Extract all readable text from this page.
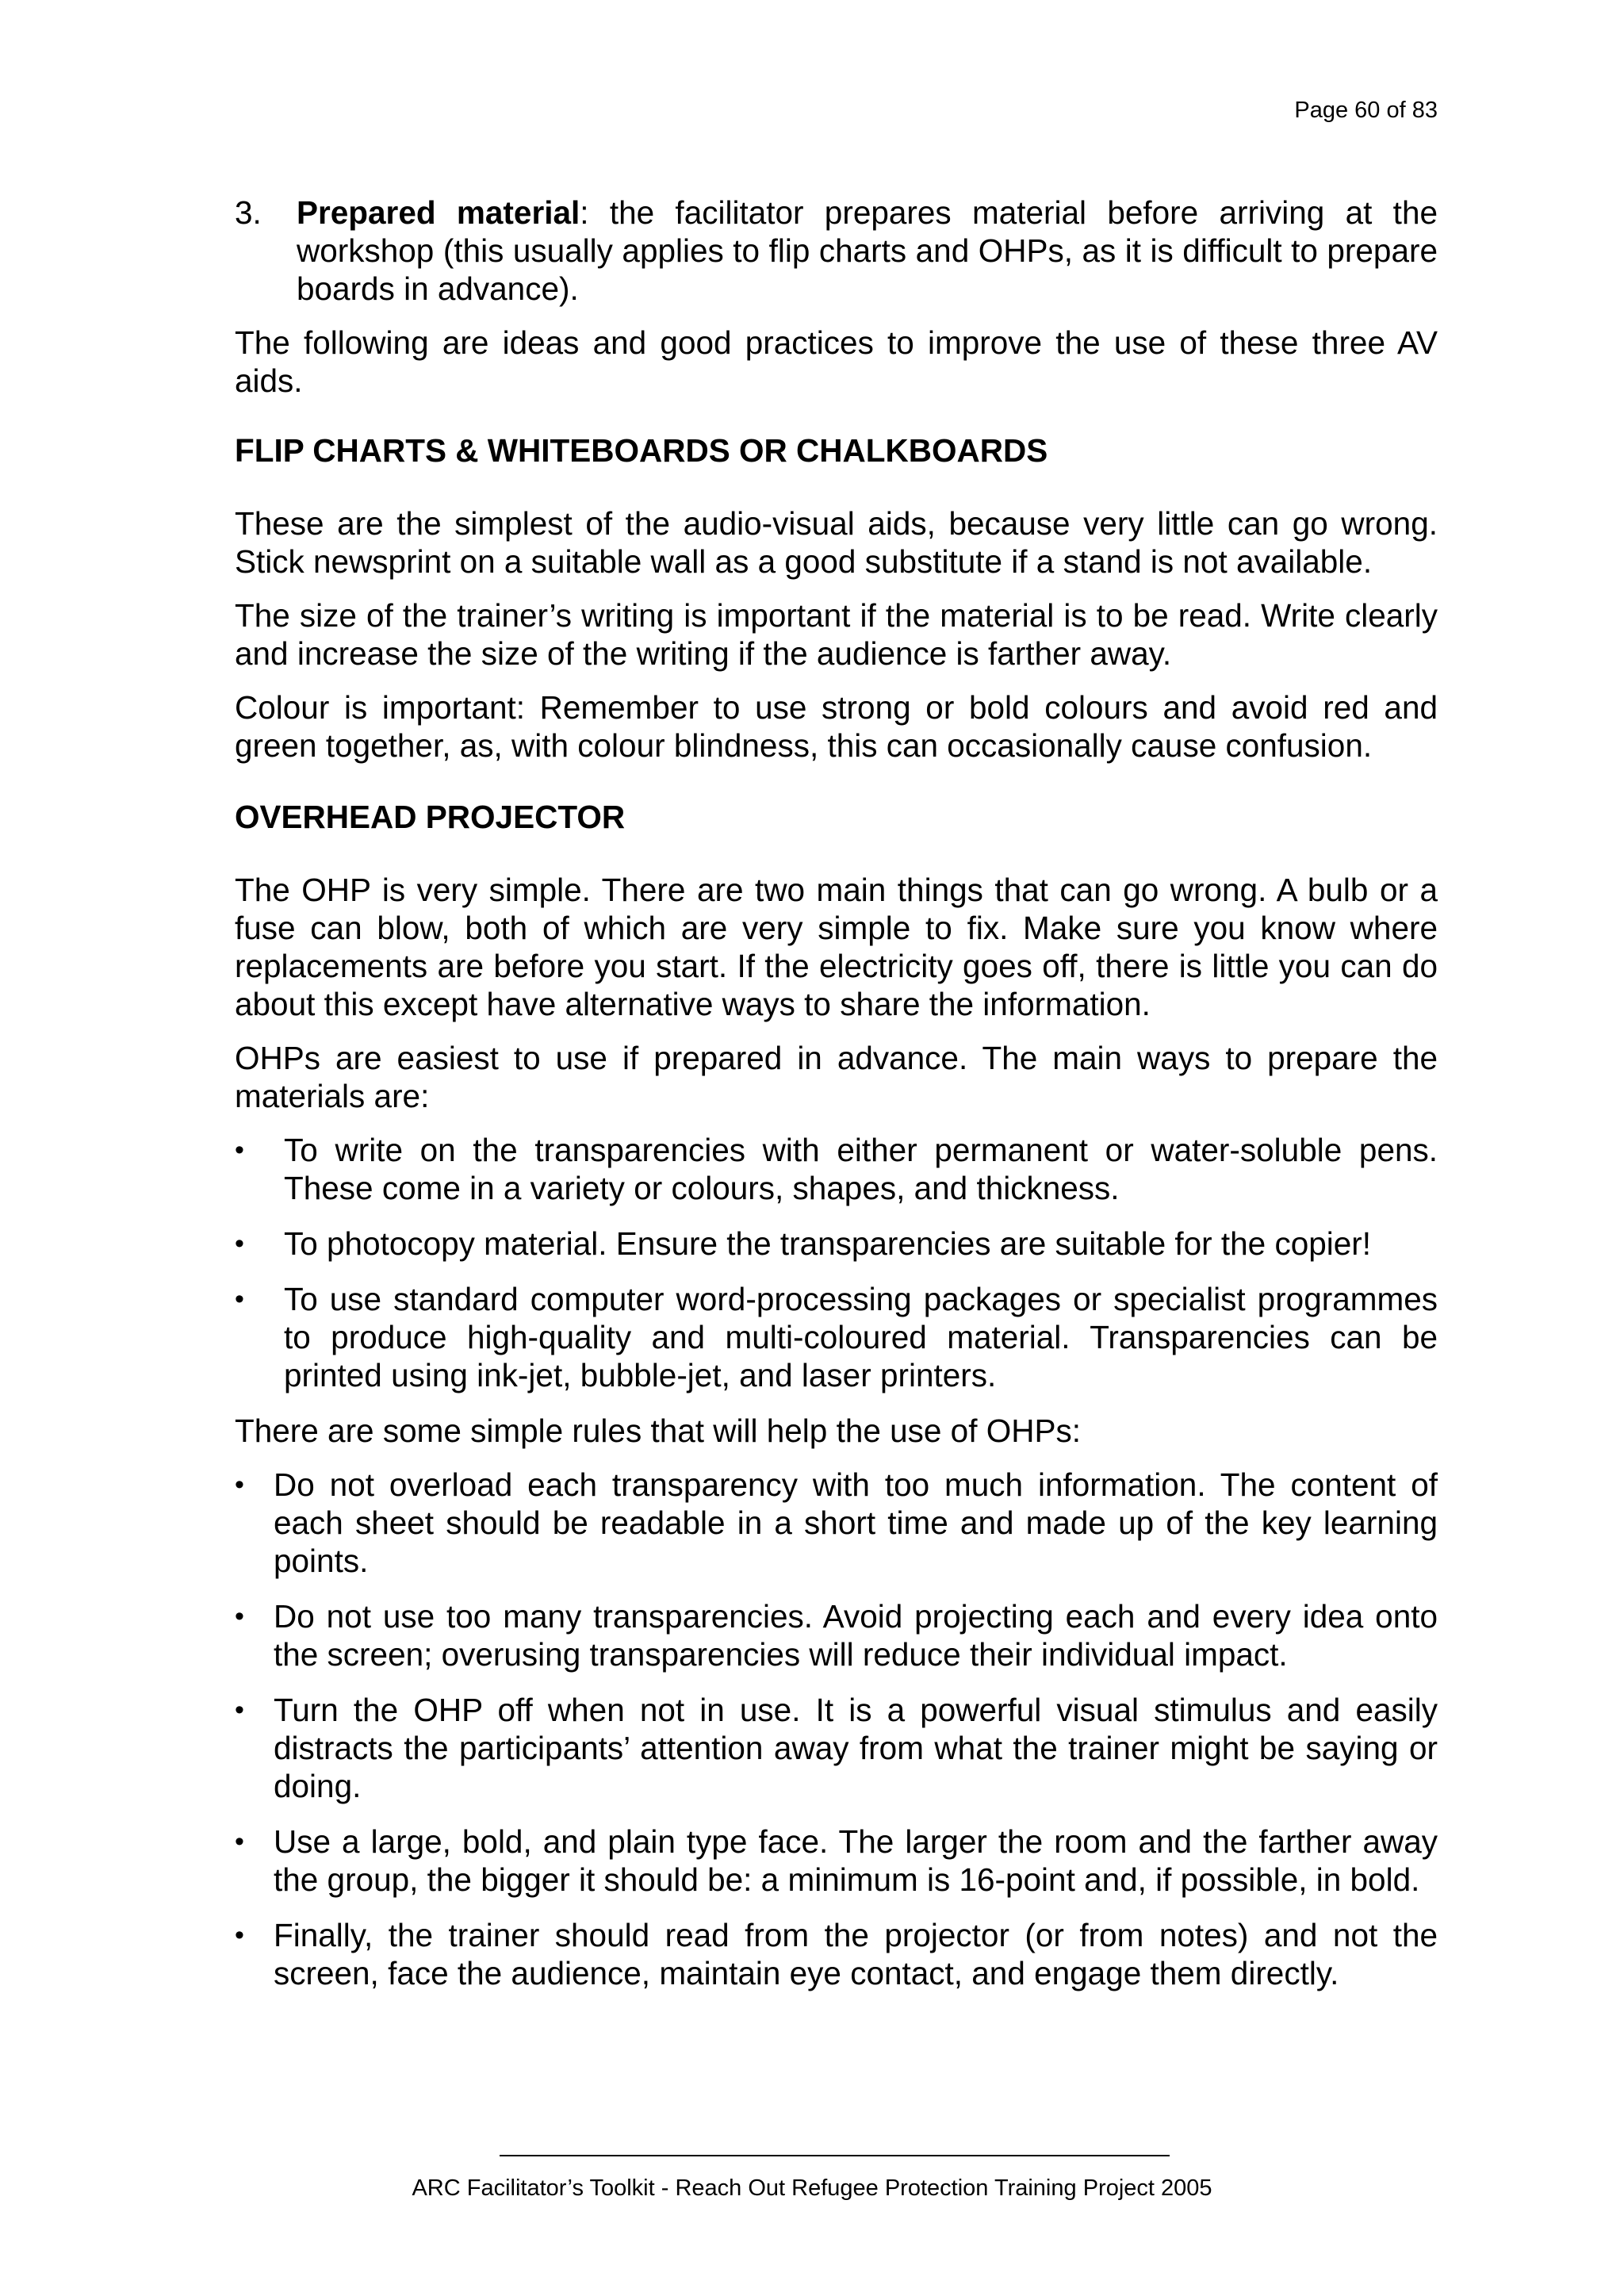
Page 60 of 83
3.	Prepared material: the facilitator prepares material before arriving at the workshop (this usually applies to flip charts and OHPs, as it is difficult to prepare boards in advance).

The following are ideas and good practices to improve the use of these three AV aids.

FLIP CHARTS & WHITEBOARDS OR CHALKBOARDS

These are the simplest of the audio-visual aids, because very little can go wrong. Stick newsprint on a suitable wall as a good substitute if a stand is not available.

The size of the trainer’s writing is important if the material is to be read. Write clearly and increase the size of the writing if the audience is farther away.

Colour is important: Remember to use strong or bold colours and avoid red and green together, as, with colour blindness, this can occasionally cause confusion.

OVERHEAD PROJECTOR

The OHP is very simple. There are two main things that can go wrong. A bulb or a fuse can blow, both of which are very simple to fix. Make sure you know where replacements are before you start. If the electricity goes off, there is little you can do about this except have alternative ways to share the information.

OHPs are easiest to use if prepared in advance. The main ways to prepare the materials are:

•	To write on the transparencies with either permanent or water-soluble pens. These come in a variety or colours, shapes, and thickness.
•	To photocopy material. Ensure the transparencies are suitable for the copier!
•	To use standard computer word-processing packages or specialist programmes to produce high-quality and multi-coloured material. Transparencies can be printed using ink-jet, bubble-jet, and laser printers.

There are some simple rules that will help the use of OHPs:

• Do not overload each transparency with too much information. The content of each sheet should be readable in a short time and made up of the key learning points.
• Do not use too many transparencies. Avoid projecting each and every idea onto the screen; overusing transparencies will reduce their individual impact.
• Turn the OHP off when not in use. It is a powerful visual stimulus and easily distracts the participants’ attention away from what the trainer might be saying or doing.
• Use a large, bold, and plain type face. The larger the room and the farther away the group, the bigger it should be: a minimum is 16-point and, if possible, in bold.
• Finally, the trainer should read from the projector (or from notes) and not the screen, face the audience, maintain eye contact, and engage them directly.
ARC Facilitator’s Toolkit - Reach Out Refugee Protection Training Project 2005
